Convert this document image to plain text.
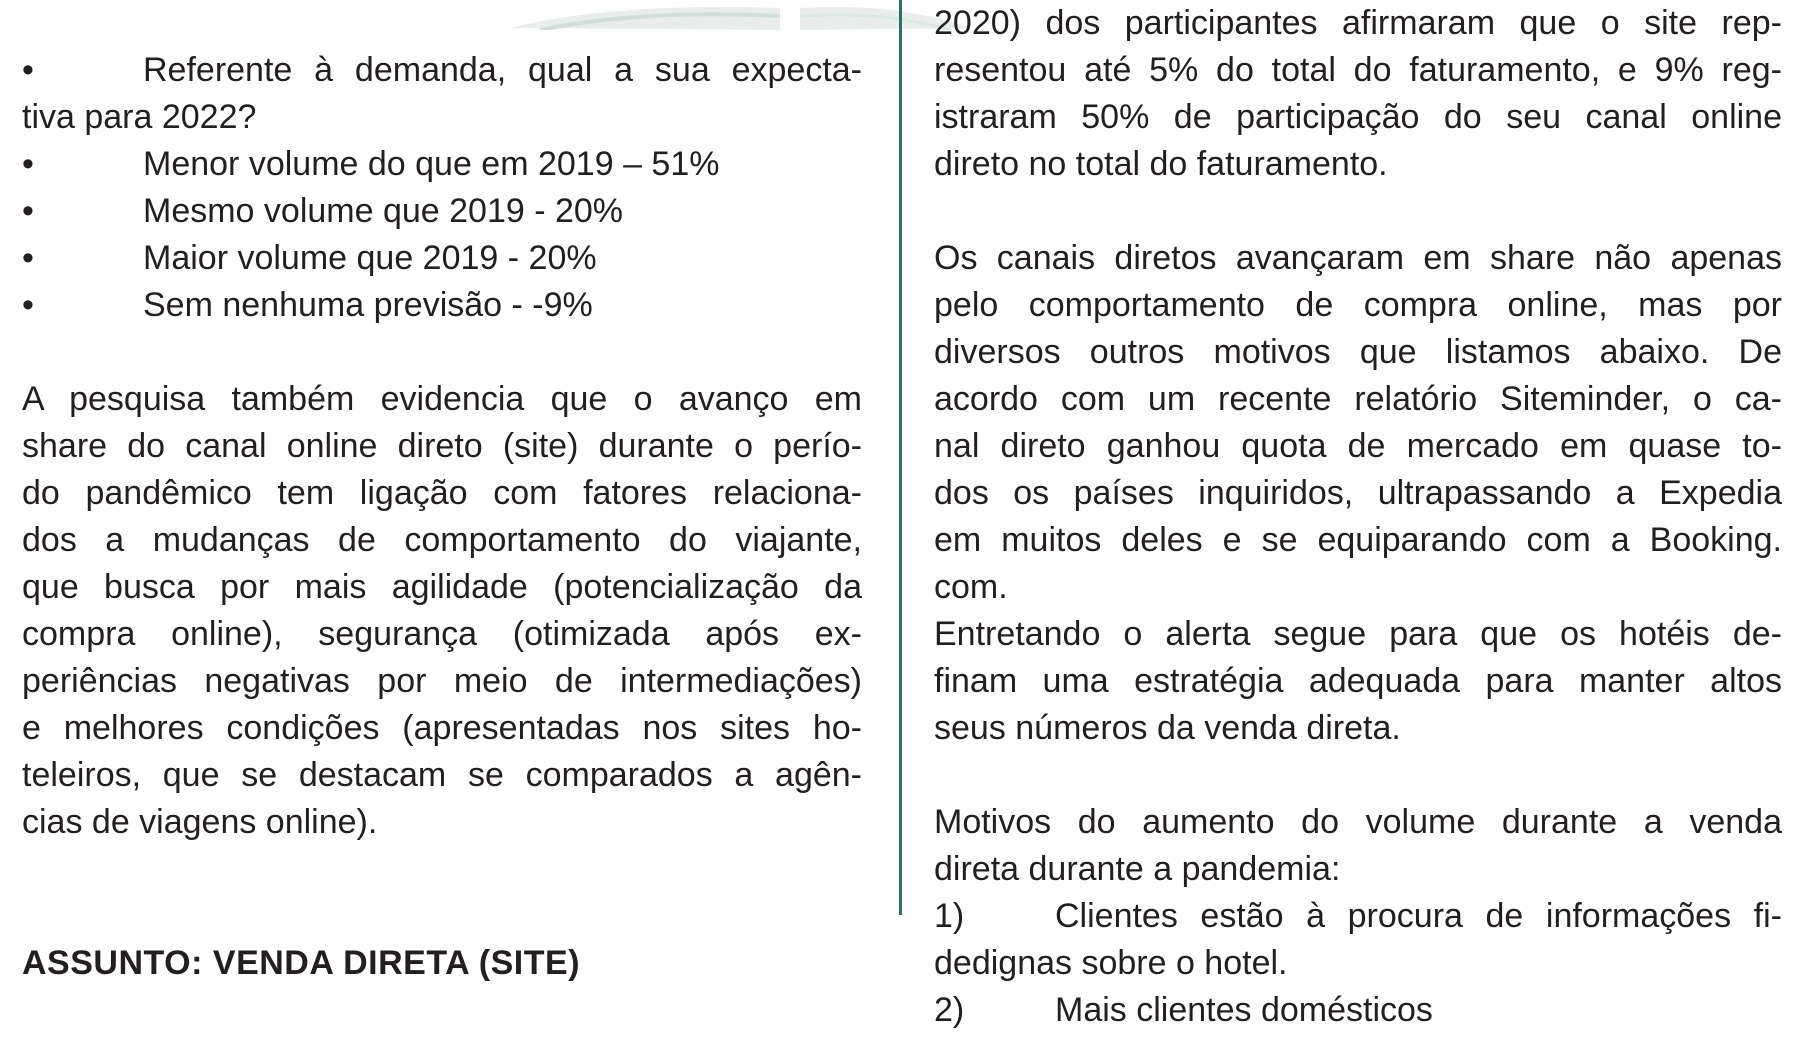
•	Referente à demanda, qual a sua expecta-
tiva para 2022?
•	Menor volume do que em 2019 – 51%
•	Mesmo volume que 2019 - 20%
•	Maior volume que 2019 - 20%
•	Sem nenhuma previsão - -9%
A pesquisa também evidencia que o avanço em
share do canal online direto (site) durante o perío-
do pandêmico tem ligação com fatores relaciona-
dos a mudanças de comportamento do viajante,
que busca por mais agilidade (potencialização da
compra online), segurança (otimizada após ex-
periências negativas por meio de intermediações)
e melhores condições (apresentadas nos sites ho-
teleiros, que se destacam se comparados a agên-
cias de viagens online).
ASSUNTO: VENDA DIRETA (SITE)
2020) dos participantes afirmaram que o site rep-
resentou até 5% do total do faturamento, e 9% reg-
istraram 50% de participação do seu canal online
direto no total do faturamento.
Os canais diretos avançaram em share não apenas
pelo comportamento de compra online, mas por
diversos outros motivos que listamos abaixo. De
acordo com um recente relatório Siteminder, o ca-
nal direto ganhou quota de mercado em quase to-
dos os países inquiridos, ultrapassando a Expedia
em muitos deles e se equiparando com a Booking.
com.
Entretando o alerta segue para que os hotéis de-
finam uma estratégia adequada para manter altos
seus números da venda direta.
Motivos do aumento do volume durante a venda
direta durante a pandemia:
1)	Clientes estão à procura de informações fi-
dedignas sobre o hotel.
2)	Mais clientes domésticos
